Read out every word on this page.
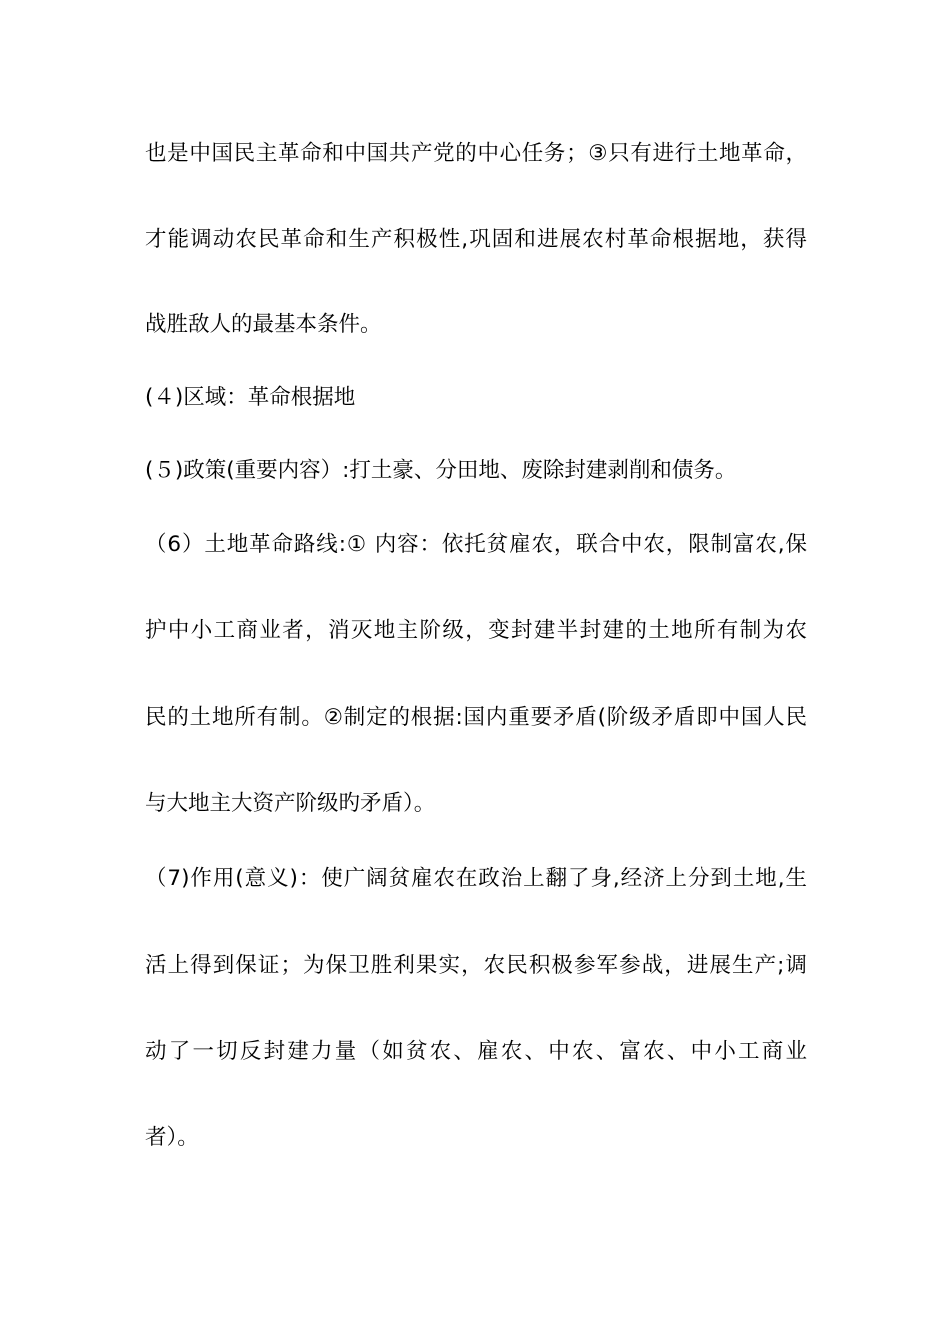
也是中国民主革命和中国共产党的中心任务；③只有进行土地革命，
才能调动农民革命和生产积极性,巩固和进展农村革命根据地，获得
战胜敌人的最基本条件。
(４)区域：革命根据地
(５)政策(重要内容）:打土豪、分田地、废除封建剥削和债务。
（6）土地革命路线:① 内容：依托贫雇农，联合中农，限制富农,保
护中小工商业者，消灭地主阶级，变封建半封建的土地所有制为农
民的土地所有制。②制定的根据:国内重要矛盾(阶级矛盾即中国人民
与大地主大资产阶级旳矛盾）。
（7)作用(意义)：使广阔贫雇农在政治上翻了身,经济上分到土地,生
活上得到保证；为保卫胜利果实，农民积极参军参战，进展生产;调
动了一切反封建力量（如贫农、雇农、中农、富农、中小工商业
者）。
